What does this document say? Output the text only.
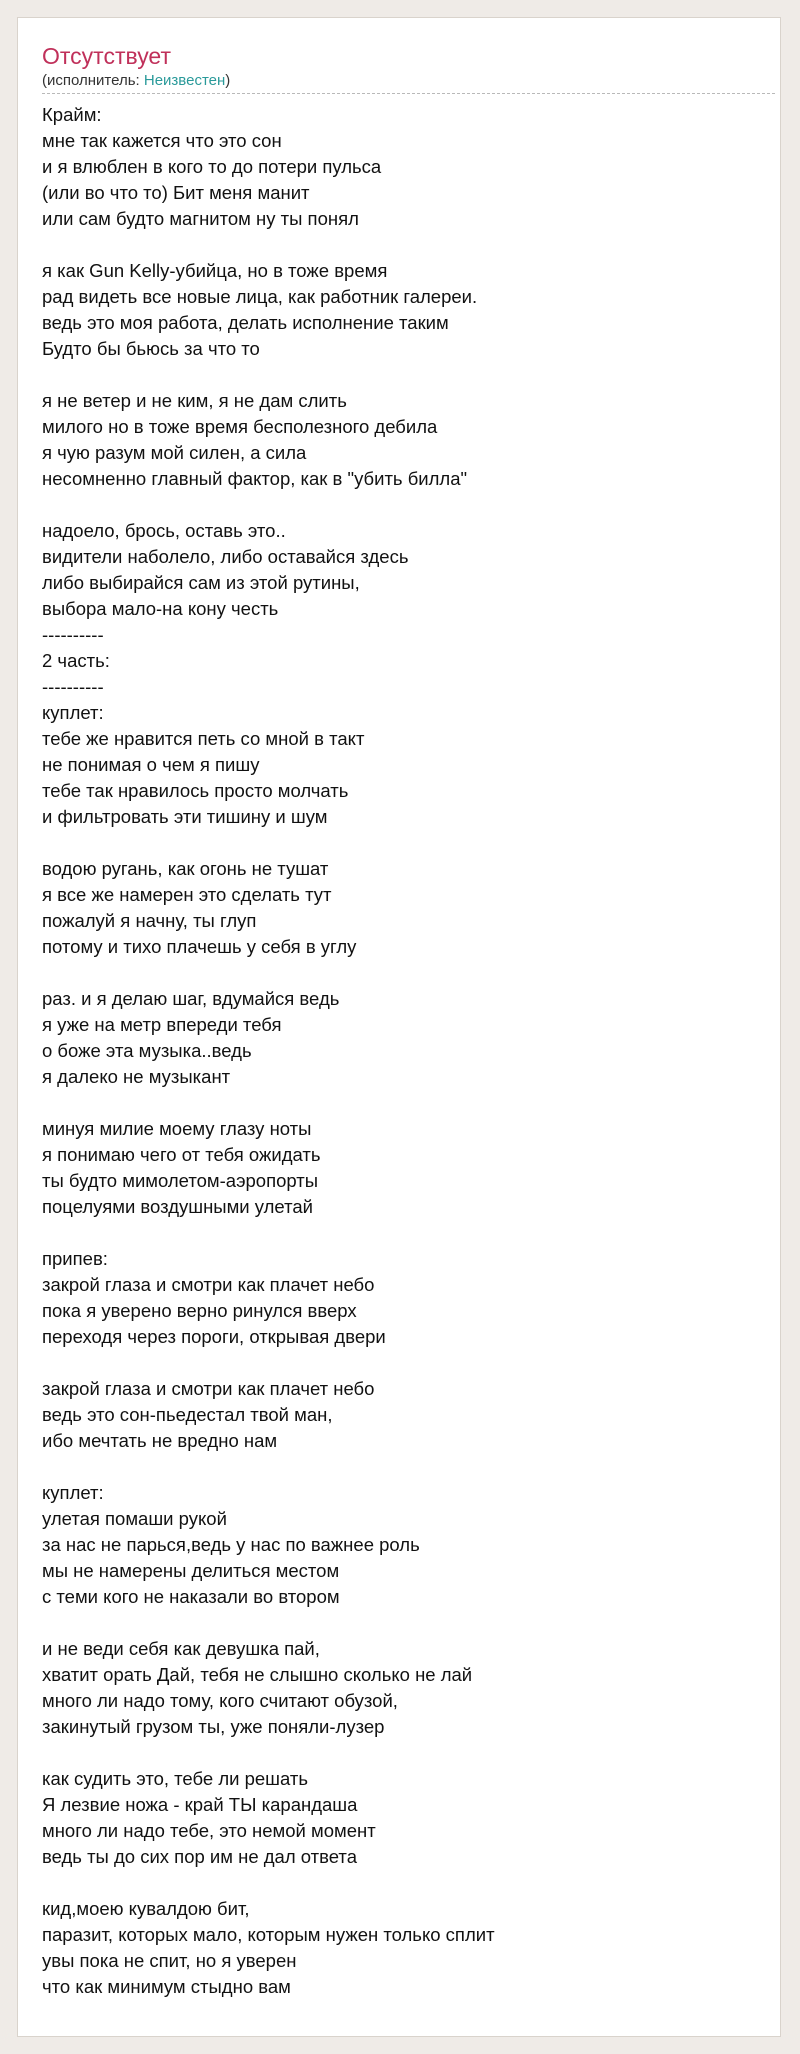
Отсутствует
(исполнитель: Неизвестен)
Крайм:
мне так кажется что это сон
и я влюблен в кого то до потери пульса
(или во что то) Бит меня манит
или сам будто магнитом ну ты понял
я как Gun Kelly-убийца, но в тоже время
рад видеть все новые лица, как работник галереи.
ведь это моя работа, делать исполнение таким
Будто бы бьюсь за что то
я не ветер и не ким, я не дам слить
милого но в тоже время бесполезного дебила
я чую разум мой силен, а сила
несомненно главный фактор, как в "убить билла"
надоело, брось, оставь это..
видители наболело, либо оставайся здесь
либо выбирайся сам из этой рутины,
выбора мало-на кону честь
----------
2 часть:
----------
куплет:
тебе же нравится петь со мной в такт
не понимая о чем я пишу
тебе так нравилось просто молчать
и фильтровать эти тишину и шум
водою ругань, как огонь не тушат
я все же намерен это сделать тут
пожалуй я начну, ты глуп
потому и тихо плачешь у себя в углу
раз. и я делаю шаг, вдумайся ведь
я уже на метр впереди тебя
о боже эта музыка..ведь
я далеко не музыкант
минуя милие моему глазу ноты
я понимаю чего от тебя ожидать
ты будто мимолетом-аэропорты
поцелуями воздушными улетай
припев:
закрой глаза и смотри как плачет небо
пока я уверено верно ринулся вверх
переходя через пороги, открывая двери
закрой глаза и смотри как плачет небо
ведь это сон-пьедестал твой ман,
ибо мечтать не вредно нам
куплет:
улетая помаши рукой
за нас не парься,ведь у нас по важнее роль
мы не намерены делиться местом
с теми кого не наказали во втором
и не веди себя как девушка пай,
хватит орать Дай, тебя не слышно сколько не лай
много ли надо тому, кого считают обузой,
закинутый грузом ты, уже поняли-лузер
как судить это, тебе ли решать
Я лезвие ножа - край ТЫ карандаша
много ли надо тебе, это немой момент
ведь ты до сих пор им не дал ответа
кид,моею кувалдою бит,
паразит, которых мало, которым нужен только сплит
увы пока не спит, но я уверен
что как минимум стыдно вам
